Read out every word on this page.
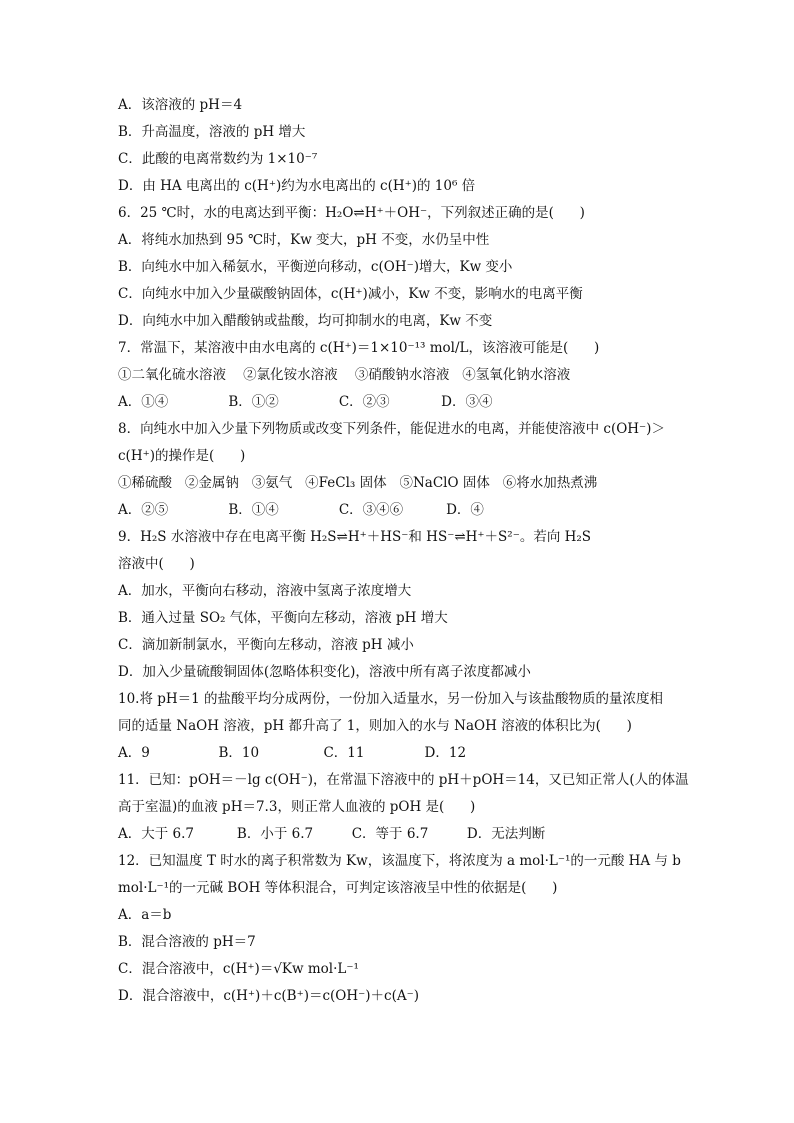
A．该溶液的 pH＝4
B．升高温度，溶液的 pH 增大
C．此酸的电离常数约为 1×10⁻⁷
D．由 HA 电离出的 c(H⁺)约为水电离出的 c(H⁺)的 10⁶ 倍
6．25 ℃时，水的电离达到平衡：H₂O⇌H⁺＋OH⁻，下列叙述正确的是(      )
A．将纯水加热到 95 ℃时，Kw 变大，pH 不变，水仍呈中性
B．向纯水中加入稀氨水，平衡逆向移动，c(OH⁻)增大，Kw 变小
C．向纯水中加入少量碳酸钠固体，c(H⁺)减小，Kw 不变，影响水的电离平衡
D．向纯水中加入醋酸钠或盐酸，均可抑制水的电离，Kw 不变
7．常温下，某溶液中由水电离的 c(H⁺)＝1×10⁻¹³ mol/L，该溶液可能是(      )
①二氧化硫水溶液    ②氯化铵水溶液    ③硝酸钠水溶液   ④氢氧化钠水溶液
A．①④              B．①②              C．②③            D．③④
8．向纯水中加入少量下列物质或改变下列条件，能促进水的电离，并能使溶液中 c(OH⁻)＞
c(H⁺)的操作是(      )
①稀硫酸   ②金属钠   ③氨气   ④FeCl₃ 固体   ⑤NaClO 固体   ⑥将水加热煮沸
A．②⑤              B．①④              C．③④⑥          D．④
9．H₂S 水溶液中存在电离平衡 H₂S⇌H⁺＋HS⁻和 HS⁻⇌H⁺＋S²⁻。若向 H₂S
溶液中(      )
A．加水，平衡向右移动，溶液中氢离子浓度增大
B．通入过量 SO₂ 气体，平衡向左移动，溶液 pH 增大
C．滴加新制氯水，平衡向左移动，溶液 pH 减小
D．加入少量硫酸铜固体(忽略体积变化)，溶液中所有离子浓度都减小
10.将 pH＝1 的盐酸平均分成两份，一份加入适量水，另一份加入与该盐酸物质的量浓度相
同的适量 NaOH 溶液，pH 都升高了 1，则加入的水与 NaOH 溶液的体积比为(      )
A．9                B．10               C．11              D．12
11．已知：pOH＝－lg c(OH⁻)，在常温下溶液中的 pH＋pOH＝14，又已知正常人(人的体温
高于室温)的血液 pH＝7.3，则正常人血液的 pOH 是(      )
A．大于 6.7          B．小于 6.7         C．等于 6.7         D．无法判断
12．已知温度 T 时水的离子积常数为 Kw，该温度下，将浓度为 a mol·L⁻¹的一元酸 HA 与 b
mol·L⁻¹的一元碱 BOH 等体积混合，可判定该溶液呈中性的依据是(      )
A．a＝b
B．混合溶液的 pH＝7
C．混合溶液中，c(H⁺)＝√Kw mol·L⁻¹
D．混合溶液中，c(H⁺)＋c(B⁺)＝c(OH⁻)＋c(A⁻)
